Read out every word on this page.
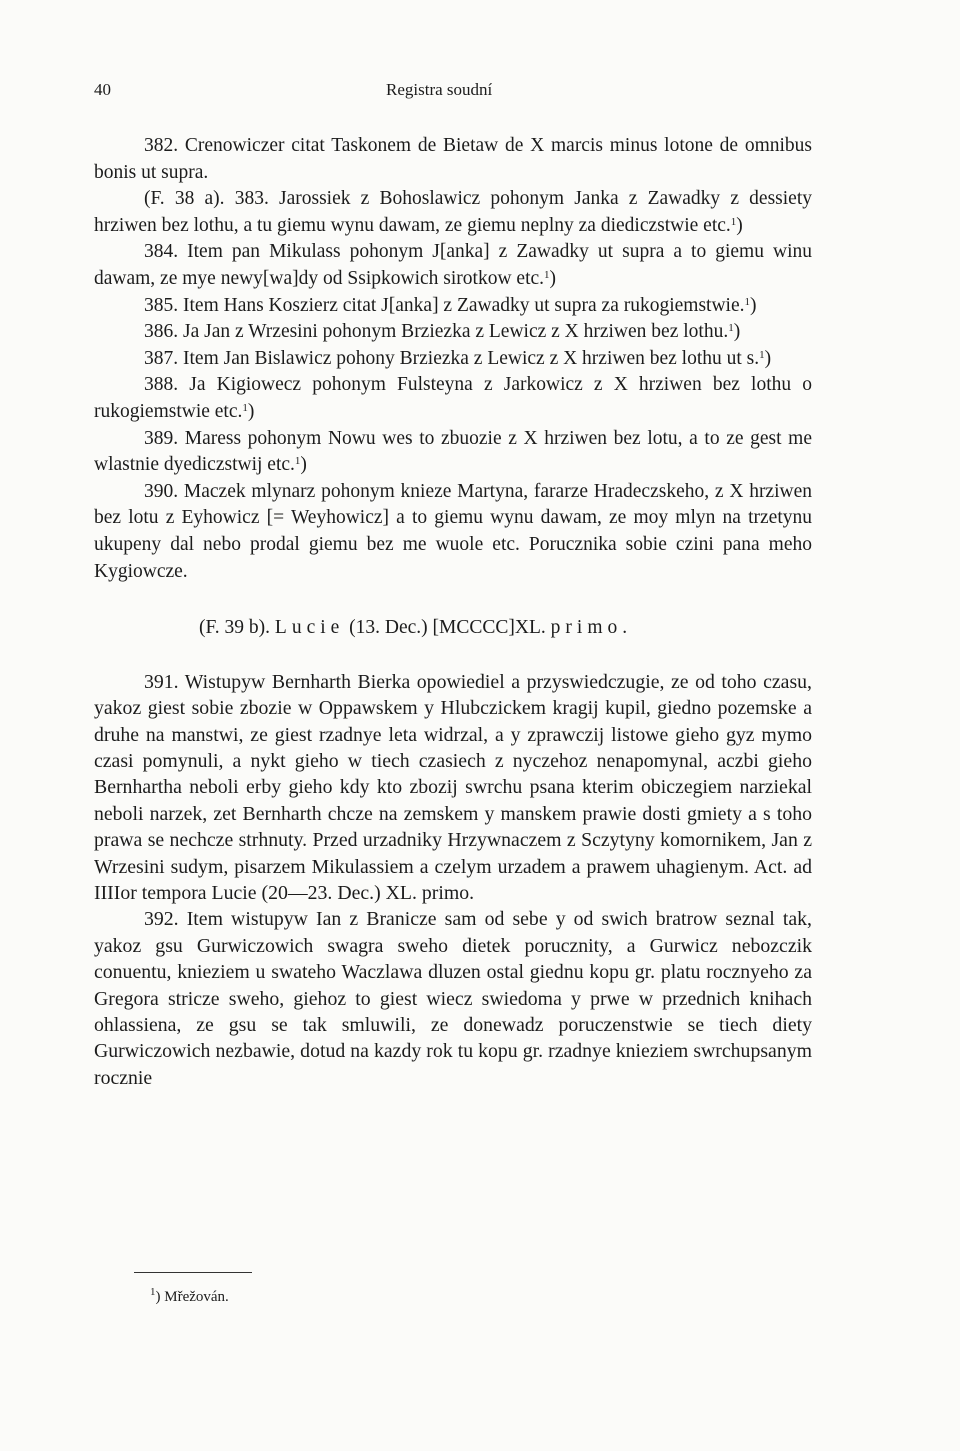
40	Registra soudní

382. Crenowiczer citat Taskonem de Bietaw de X marcis minus lotone de omnibus bonis ut supra.

(F. 38 a). 383. Jarossiek z Bohoslawicz pohonym Janka z Zawadky z dessiety hrziwen bez lothu, a tu giemu wynu dawam, ze giemu neplny za diediczstwie etc.$^1$)

384. Item pan Mikulass pohonym J[anka] z Zawadky ut supra a to giemu winu dawam, ze mye newy[wa]dy od Ssipkowich sirotkow etc.$^1$)

385. Item Hans Koszierz citat J[anka] z Zawadky ut supra za rukogiemstwie.$^1$)

386. Ja Jan z Wrzesini pohonym Brziezka z Lewicz z X hrziwen bez lothu.$^1$)

387. Item Jan Bislawicz pohony Brziezka z Lewicz z X hrziwen bez lothu ut s.$^1$)

388. Ja Kigiowecz pohonym Fulsteyna z Jarkowicz z X hrziwen bez lothu o rukogiemstwie etc.$^1$)

389. Maress pohonym Nowu wes to zbuozie z X hrziwen bez lotu, a to ze gest me wlastnie dyediczstwij etc.$^1$)

390. Maczek mlynarz pohonym knieze Martyna, fararze Hradeczskeho, z X hrziwen bez lotu z Eyhowicz [= Weyhowicz] a to giemu wynu dawam, ze moy mlyn na trzetynu ukupeny dal nebo prodal giemu bez me wuole etc. Porucznika sobie czini pana meho Kygiowcze.

(F. 39 b). Lucie (13. Dec.) [MCCCC]XL. primo.

391. Wistupyw Bernharth Bierka opowiediel a przyswiedczugie, ze od toho czasu, yakoz giest sobie zbozie w Oppawskem y Hlubczickem kragij kupil, giedno pozemske a druhe na manstwi, ze giest rzadnye leta widrzal, a y zprawczij listowe gieho gyz mymo czasi pomynuli, a nykt gieho w tiech czasiech z nyczehoz nenapomynal, aczbi gieho Bernhartha neboli erby gieho kdy kto zbozij swrchu psana kterim obiczegiem narziekal neboli narzek, zet Bernharth chcze na zemskem y manskem prawie dosti gmiety a s toho prawa se nechcze strhnuty. Przed urzadniky Hrzywnaczem z Sczytyny komornikem, Jan z Wrzesini sudym, pisarzem Mikulassiem a czelym urzadem a prawem uhagienym. Act. ad IIIIor tempora Lucie (20—23. Dec.) XL. primo.

392. Item wistupyw Ian z Branicze sam od sebe y od swich bratrow seznal tak, yakoz gsu Gurwiczowich swagra sweho dietek porucznity, a Gurwicz nebozczik conuentu, knieziem u swateho Waczlawa dluzen ostal giednu kopu gr. platu rocznyeho za Gregora stricze sweho, giehoz to giest wiecz swiedoma y prwe w przednich knihach ohlassiena, ze gsu se tak smluwili, ze donewadz poruczenstwie se tiech diety Gurwiczowich nezbawie, dotud na kazdy rok tu kopu gr. rzadnye knieziem swrchupsanym rocznie

$^1$) Mřežován.
